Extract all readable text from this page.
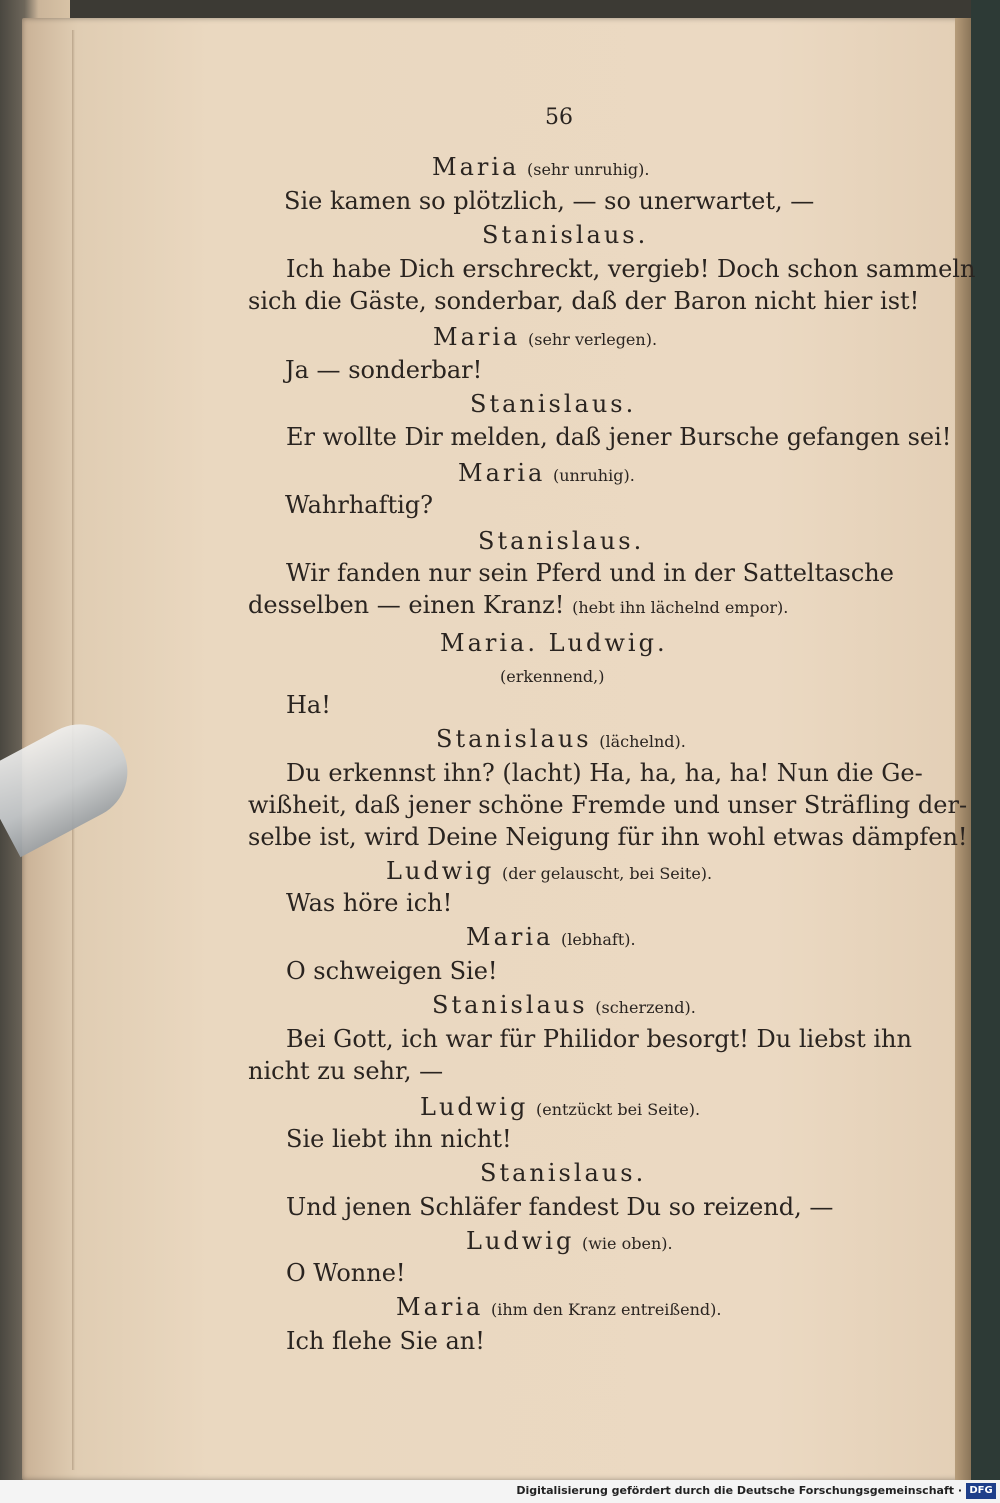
56
Maria (sehr unruhig).
Sie kamen so plötzlich, — so unerwartet, —
Stanislaus.
Ich habe Dich erschreckt, vergieb! Doch schon sammeln
sich die Gäste, sonderbar, daß der Baron nicht hier ist!
Maria (sehr verlegen).
Ja — sonderbar!
Stanislaus.
Er wollte Dir melden, daß jener Bursche gefangen sei!
Maria (unruhig).
Wahrhaftig?
Stanislaus.
Wir fanden nur sein Pferd und in der Satteltasche
desselben — einen Kranz! (hebt ihn lächelnd empor).
Maria. Ludwig.
(erkennend,)
Ha!
Stanislaus (lächelnd).
Du erkennst ihn? (lacht) Ha, ha, ha, ha! Nun die Ge-
wißheit, daß jener schöne Fremde und unser Sträfling der-
selbe ist, wird Deine Neigung für ihn wohl etwas dämpfen!
Ludwig (der gelauscht, bei Seite).
Was höre ich!
Maria (lebhaft).
O schweigen Sie!
Stanislaus (scherzend).
Bei Gott, ich war für Philidor besorgt! Du liebst ihn
nicht zu sehr, —
Ludwig (entzückt bei Seite).
Sie liebt ihn nicht!
Stanislaus.
Und jenen Schläfer fandest Du so reizend, —
Ludwig (wie oben).
O Wonne!
Maria (ihm den Kranz entreißend).
Ich flehe Sie an!
Digitalisierung gefördert durch die Deutsche Forschungsgemeinschaft · DFG
